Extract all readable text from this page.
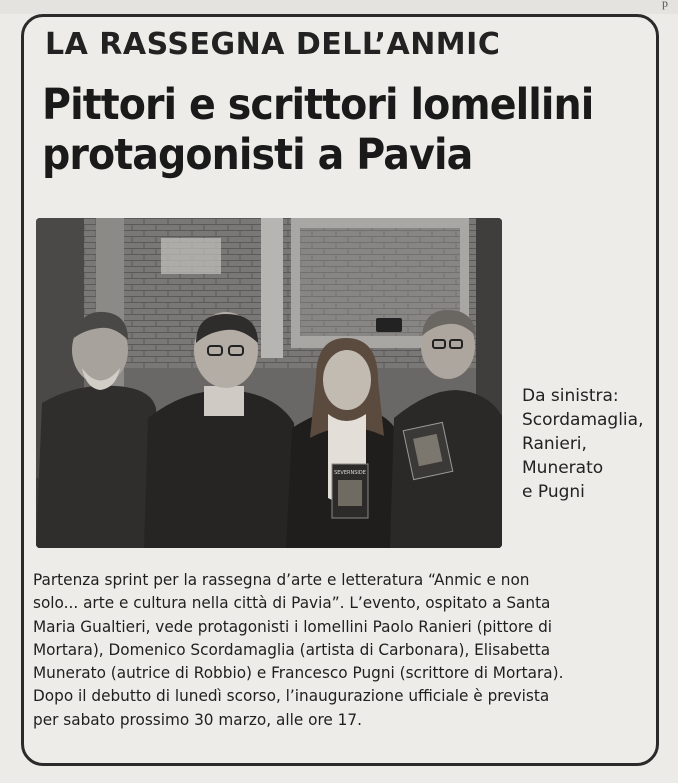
p
LA RASSEGNA DELL’ANMIC
Pittori e scrittori lomellini
protagonisti a Pavia
SEVERNSIDE
Da sinistra:
Scordamaglia,
Ranieri,
Munerato
e Pugni
Partenza sprint per la rassegna d’arte e letteratura “Anmic e non
solo... arte e cultura nella città di Pavia”. L’evento, ospitato a Santa
Maria Gualtieri, vede protagonisti i lomellini Paolo Ranieri (pittore di
Mortara), Domenico Scordamaglia (artista di Carbonara), Elisabetta
Munerato (autrice di Robbio) e Francesco Pugni (scrittore di Mortara).
Dopo il debutto di lunedì scorso, l’inaugurazione ufficiale è prevista
per sabato prossimo 30 marzo, alle ore 17.
